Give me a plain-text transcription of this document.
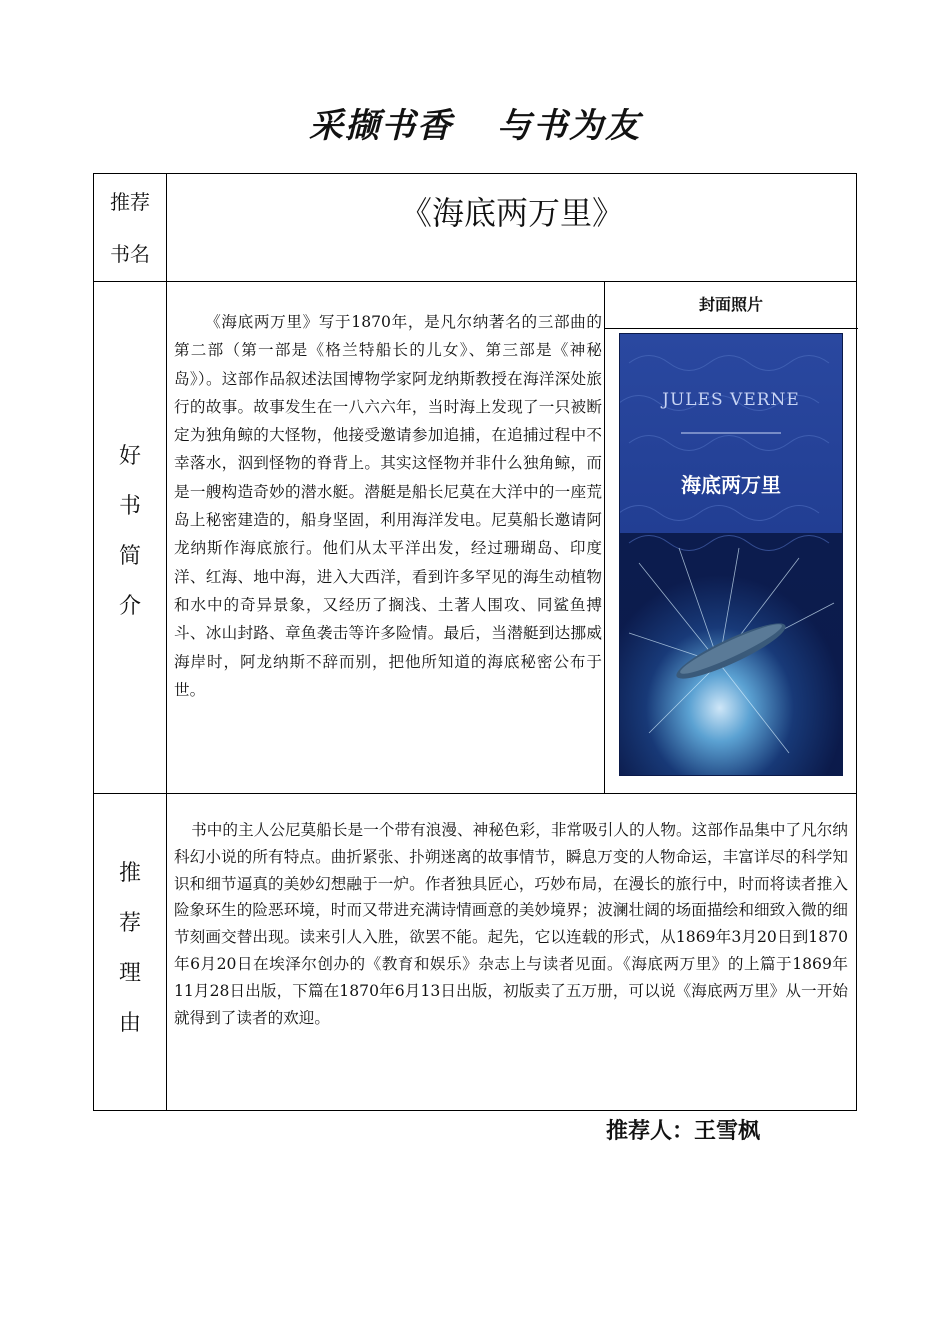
采撷书香 与书为友
推荐
书名
《海底两万里》
好
书
简
介
《海底两万里》写于1870年，是凡尔纳著名的三部曲的第二部（第一部是《格兰特船长的儿女》、第三部是《神秘岛》）。这部作品叙述法国博物学家阿龙纳斯教授在海洋深处旅行的故事。故事发生在一八六六年，当时海上发现了一只被断定为独角鲸的大怪物，他接受邀请参加追捕，在追捕过程中不幸落水，泅到怪物的脊背上。其实这怪物并非什么独角鲸，而是一艘构造奇妙的潜水艇。潜艇是船长尼莫在大洋中的一座荒岛上秘密建造的，船身坚固，利用海洋发电。尼莫船长邀请阿龙纳斯作海底旅行。他们从太平洋出发，经过珊瑚岛、印度洋、红海、地中海，进入大西洋，看到许多罕见的海生动植物和水中的奇异景象，又经历了搁浅、土著人围攻、同鲨鱼搏斗、冰山封路、章鱼袭击等许多险情。最后，当潜艇到达挪威海岸时，阿龙纳斯不辞而别，把他所知道的海底秘密公布于世。
封面照片
JULES VERNE
海底两万里
推
荐
理
由
书中的主人公尼莫船长是一个带有浪漫、神秘色彩，非常吸引人的人物。这部作品集中了凡尔纳科幻小说的所有特点。曲折紧张、扑朔迷离的故事情节，瞬息万变的人物命运，丰富详尽的科学知识和细节逼真的美妙幻想融于一炉。作者独具匠心，巧妙布局，在漫长的旅行中，时而将读者推入险象环生的险恶环境，时而又带进充满诗情画意的美妙境界；波澜壮阔的场面描绘和细致入微的细节刻画交替出现。读来引人入胜，欲罢不能。起先，它以连载的形式，从1869年3月20日到1870年6月20日在埃泽尔创办的《教育和娱乐》杂志上与读者见面。《海底两万里》的上篇于1869年11月28日出版，下篇在1870年6月13日出版，初版卖了五万册，可以说《海底两万里》从一开始就得到了读者的欢迎。
推荐人：王雪枫
